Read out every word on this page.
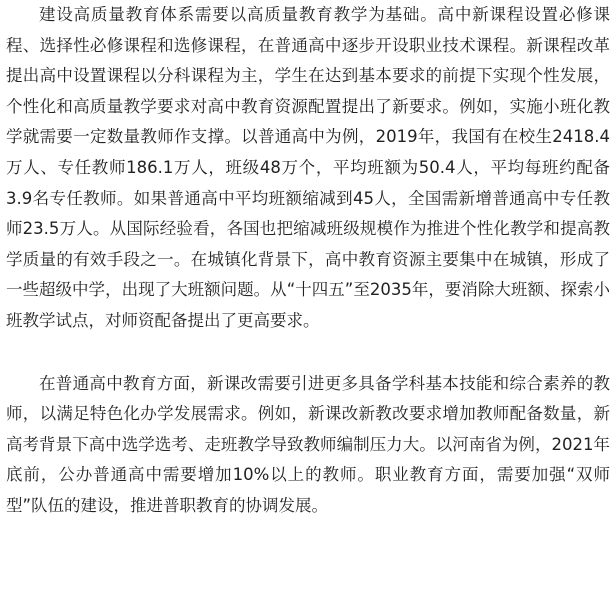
建设高质量教育体系需要以高质量教育教学为基础。高中新课程设置必修课程、选择性必修课程和选修课程，在普通高中逐步开设职业技术课程。新课程改革提出高中设置课程以分科课程为主，学生在达到基本要求的前提下实现个性发展，个性化和高质量教学要求对高中教育资源配置提出了新要求。例如，实施小班化教学就需要一定数量教师作支撑。以普通高中为例，2019年，我国有在校生2418.4万人、专任教师186.1万人，班级48万个，平均班额为50.4人，平均每班约配备3.9名专任教师。如果普通高中平均班额缩减到45人，全国需新增普通高中专任教师23.5万人。从国际经验看，各国也把缩减班级规模作为推进个性化教学和提高教学质量的有效手段之一。在城镇化背景下，高中教育资源主要集中在城镇，形成了一些超级中学，出现了大班额问题。从“十四五”至2035年，要消除大班额、探索小班教学试点，对师资配备提出了更高要求。

在普通高中教育方面，新课改需要引进更多具备学科基本技能和综合素养的教师，以满足特色化办学发展需求。例如，新课改新教改要求增加教师配备数量，新高考背景下高中选学选考、走班教学导致教师编制压力大。以河南省为例，2021年底前，公办普通高中需要增加10%以上的教师。职业教育方面，需要加强“双师型”队伍的建设，推进普职教育的协调发展。
